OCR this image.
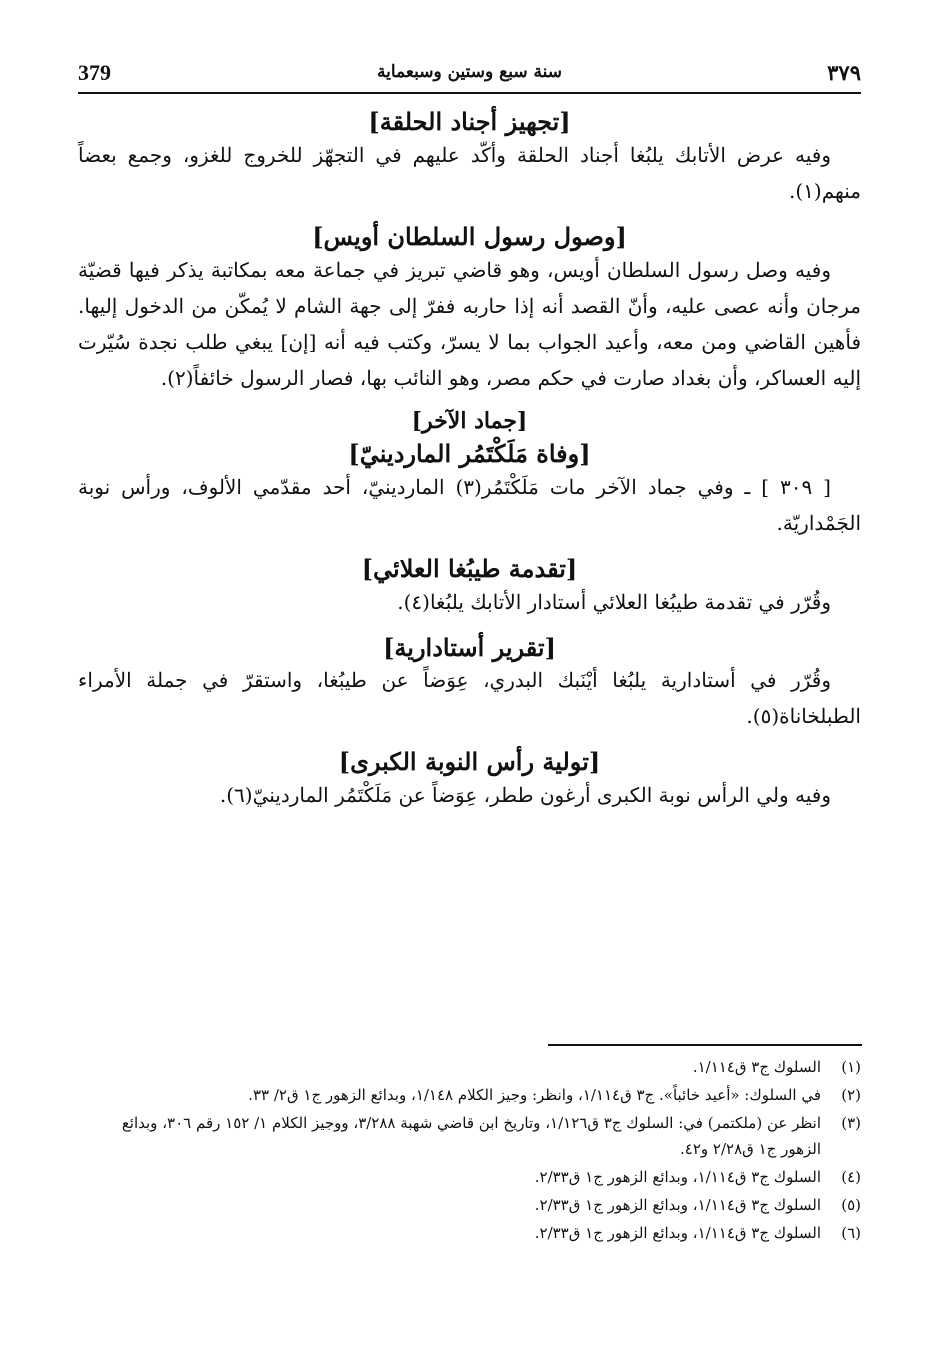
379	سنة سبع وستين وسبعماية	٣٧٩
[تجهيز أجناد الحلقة]

وفيه عرض الأتابك يلبُغا أجناد الحلقة وأكّد عليهم في التجهّز للخروج للغزو، وجمع بعضاً منهم(١).

[وصول رسول السلطان أويس]

وفيه وصل رسول السلطان أويس، وهو قاضي تبريز في جماعة معه بمكاتبة يذكر فيها قضيّة مرجان وأنه عصى عليه، وأنّ القصد أنه إذا حاربه ففرّ إلى جهة الشام لا يُمكّن من الدخول إليها. فأهين القاضي ومن معه، وأعيد الجواب بما لا يسرّ، وكتب فيه أنه [إن] يبغي طلب نجدة سُيّرت إليه العساكر، وأن بغداد صارت في حكم مصر، وهو النائب بها، فصار الرسول خائفاً(٢).

[جماد الآخر]
[وفاة مَلَكْتَمُر الماردينيّ]

[ ٣٠٩ ] ـ وفي جماد الآخر مات مَلَكْتَمُر(٣) الماردينيّ، أحد مقدّمي الألوف، ورأس نوبة الجَمْداريّة.

[تقدمة طيبُغا العلائي]

وقُرّر في تقدمة طيبُغا العلائي أستادار الأتابك يلبُغا(٤).

[تقرير أستادارية]

وقُرّر في أستادارية يلبُغا أيْنَبك البدري، عِوَضاً عن طيبُغا، واستقرّ في جملة الأمراء الطبلخاناة(٥).

[تولية رأس النوبة الكبرى]

وفيه ولي الرأس نوبة الكبرى أرغون ططر، عِوَضاً عن مَلَكْتَمُر الماردينيّ(٦).

(١)
السلوك ج٣ ق١/١١٤.
(٢)
في السلوك: «أعيد خائباً». ج٣ ق١/١١٤، وانظر: وجيز الكلام ١/١٤٨، وبدائع الزهور ج١ ق٢/ ٣٣.
(٣)
انظر عن (ملكتمر) في: السلوك ج٣ ق١/١٢٦، وتاريخ ابن قاضي شهبة ٣/٢٨٨، ووجيز الكلام ١/ ١٥٢ رقم ٣٠٦، وبدائع الزهور ج١ ق٢/٢٨ و٤٢.
(٤)
السلوك ج٣ ق١/١١٤، وبدائع الزهور ج١ ق٢/٣٣.
(٥)
السلوك ج٣ ق١/١١٤، وبدائع الزهور ج١ ق٢/٣٣.
(٦)
السلوك ج٣ ق١/١١٤، وبدائع الزهور ج١ ق٢/٣٣.
